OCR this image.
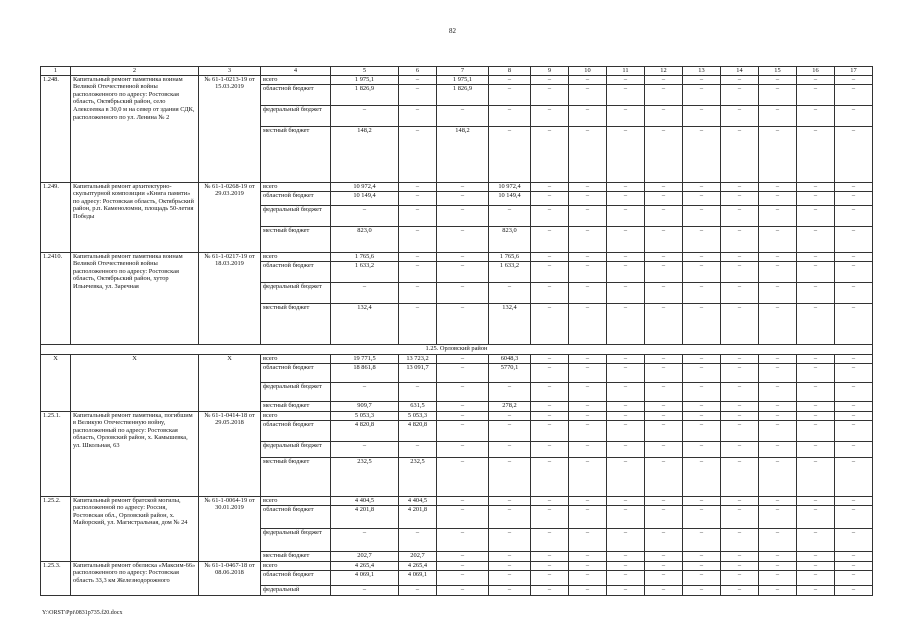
82
1	2	3	4	5	6	7	8	9	10	11	12	13	14	15	16	17
1.248.	Капитальный ремонт памятника воинам Великой Отечественной войны расположенного по адресу: Ростовская область, Октябрьский район, село Алексеевка в 30,0 м на север от здания СДК, расположенного по ул. Ленина № 2	№ 61-1-0213-19 от 15.03.2019	всего	1 975,1	–	1 975,1	–	–	–	–	–	–	–	–	–	–
			областной бюджет	1 826,9	–	1 826,9	–	–	–	–	–	–	–	–	–	–
			федеральный бюджет	–	–	–	–	–	–	–	–	–	–	–	–	–
			местный бюджет	148,2	–	148,2	–	–	–	–	–	–	–	–	–	–
1.249.	Капитальный ремонт архитектурно-скульптурной композиции «Книга памяти» по адресу: Ростовская область, Октябрьский район, р.п. Каменоломни, площадь 50-летия Победы	№ 61-1-0268-19 от 29.03.2019	всего	10 972,4	–	–	10 972,4	–	–	–	–	–	–	–	–	–
			областной бюджет	10 149,4	–	–	10 149,4	–	–	–	–	–	–	–	–	–
			федеральный бюджет	–	–	–	–	–	–	–	–	–	–	–	–	–
			местный бюджет	823,0	–	–	823,0	–	–	–	–	–	–	–	–	–
1.2410.	Капитальный ремонт памятника воинам Великой Отечественной войны расположенного по адресу: Ростовская область, Октябрьский район, хутор Ильичевка, ул. Заречная	№ 61-1-0217-19 от 18.03.2019	всего	1 765,6	–	–	1 765,6	–	–	–	–	–	–	–	–	–
			областной бюджет	1 633,2	–	–	1 633,2	–	–	–	–	–	–	–	–	–
			федеральный бюджет	–	–	–	–	–	–	–	–	–	–	–	–	–
			местный бюджет	132,4	–	–	132,4	–	–	–	–	–	–	–	–	–
1.25. Орловский район																
X	X	X	всего	19 771,5	13 723,2	–	6048,3	–	–	–	–	–	–	–	–	–
			областной бюджет	18 861,8	13 091,7	–	5770,1	–	–	–	–	–	–	–	–	–
			федеральный бюджет	–	–	–	–	–	–	–	–	–	–	–	–	–
			местный бюджет	909,7	631,5	–	278,2	–	–	–	–	–	–	–	–	–
1.25.1.	Капитальный ремонт памятника, погибшим в Великую Отечественную войну, расположенный по адресу: Ростовская область, Орловский район, х. Камышевка, ул. Школьная, 63	№ 61-1-0414-18 от 29.05.2018	всего	5 053,3	5 053,3	–	–	–	–	–	–	–	–	–	–	–
			областной бюджет	4 820,8	4 820,8	–	–	–	–	–	–	–	–	–	–	–
			федеральный бюджет	–	–	–	–	–	–	–	–	–	–	–	–	–
			местный бюджет	232,5	232,5	–	–	–	–	–	–	–	–	–	–	–
1.25.2.	Капитальный ремонт братской могилы, расположенной по адресу: Россия, Ростовская обл., Орловский район, х. Майорский, ул. Магистральная, дом № 24	№ 61-1-0064-19 от 30.01.2019	всего	4 404,5	4 404,5	–	–	–	–	–	–	–	–	–	–	–
			областной бюджет	4 201,8	4 201,8	–	–	–	–	–	–	–	–	–	–	–
			федеральный бюджет	–	–	–	–	–	–	–	–	–	–	–	–	–
			местный бюджет	202,7	202,7	–	–	–	–	–	–	–	–	–	–	–
1.25.3.	Капитальный ремонт обелиска «Максим-66» расположенного по адресу: Ростовская область 33,3 км Железнодорожного	№ 61-1-0467-18 от 08.06.2018	всего	4 265,4	4 265,4	–	–	–	–	–	–	–	–	–	–	–
			областной бюджет	4 069,1	4 069,1	–	–	–	–	–	–	–	–	–	–	–
			федеральный	–	–	–	–	–	–	–	–	–	–	–	–	–
Y:\ORST\Ppi\0831p735.f20.docx
